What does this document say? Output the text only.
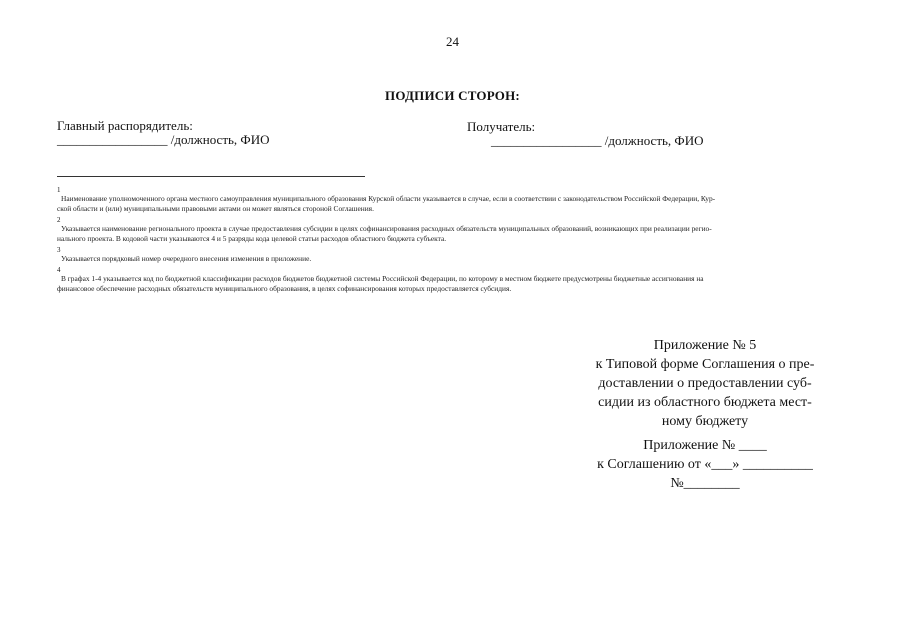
24
ПОДПИСИ СТОРОН:
Главный распорядитель:
_________________ /должность, ФИО
Получатель:
_________________ /должность, ФИО
1
Наименование уполномоченного органа местного самоуправления муниципального образования Курской области указывается в случае, если в соответствии с законодательством Российской Федерации, Кур-
ской области и (или) муниципальными правовыми актами он может являться стороной Соглашения.
2
Указывается наименование регионального проекта в случае предоставления субсидии в целях софинансирования расходных обязательств муниципальных образований, возникающих при реализации регио-
нального проекта. В кодовой части указываются 4 и 5 разряды кода целевой статьи расходов областного бюджета субъекта.
3
Указывается порядковый номер очередного внесения изменения в приложение.
4
В графах 1-4 указывается код по бюджетной классификации расходов бюджетов бюджетной системы Российской Федерации, по которому в местном бюджете предусмотрены бюджетные ассигнования на
финансовое обеспечение расходных обязательств муниципального образования, в целях софинансирования которых предоставляется субсидия.
Приложение № 5
к Типовой форме Соглашения о пре-
доставлении о предоставлении суб-
сидии из областного бюджета мест-
ному бюджету
Приложение № ____
к Соглашению от «___» __________
№________
